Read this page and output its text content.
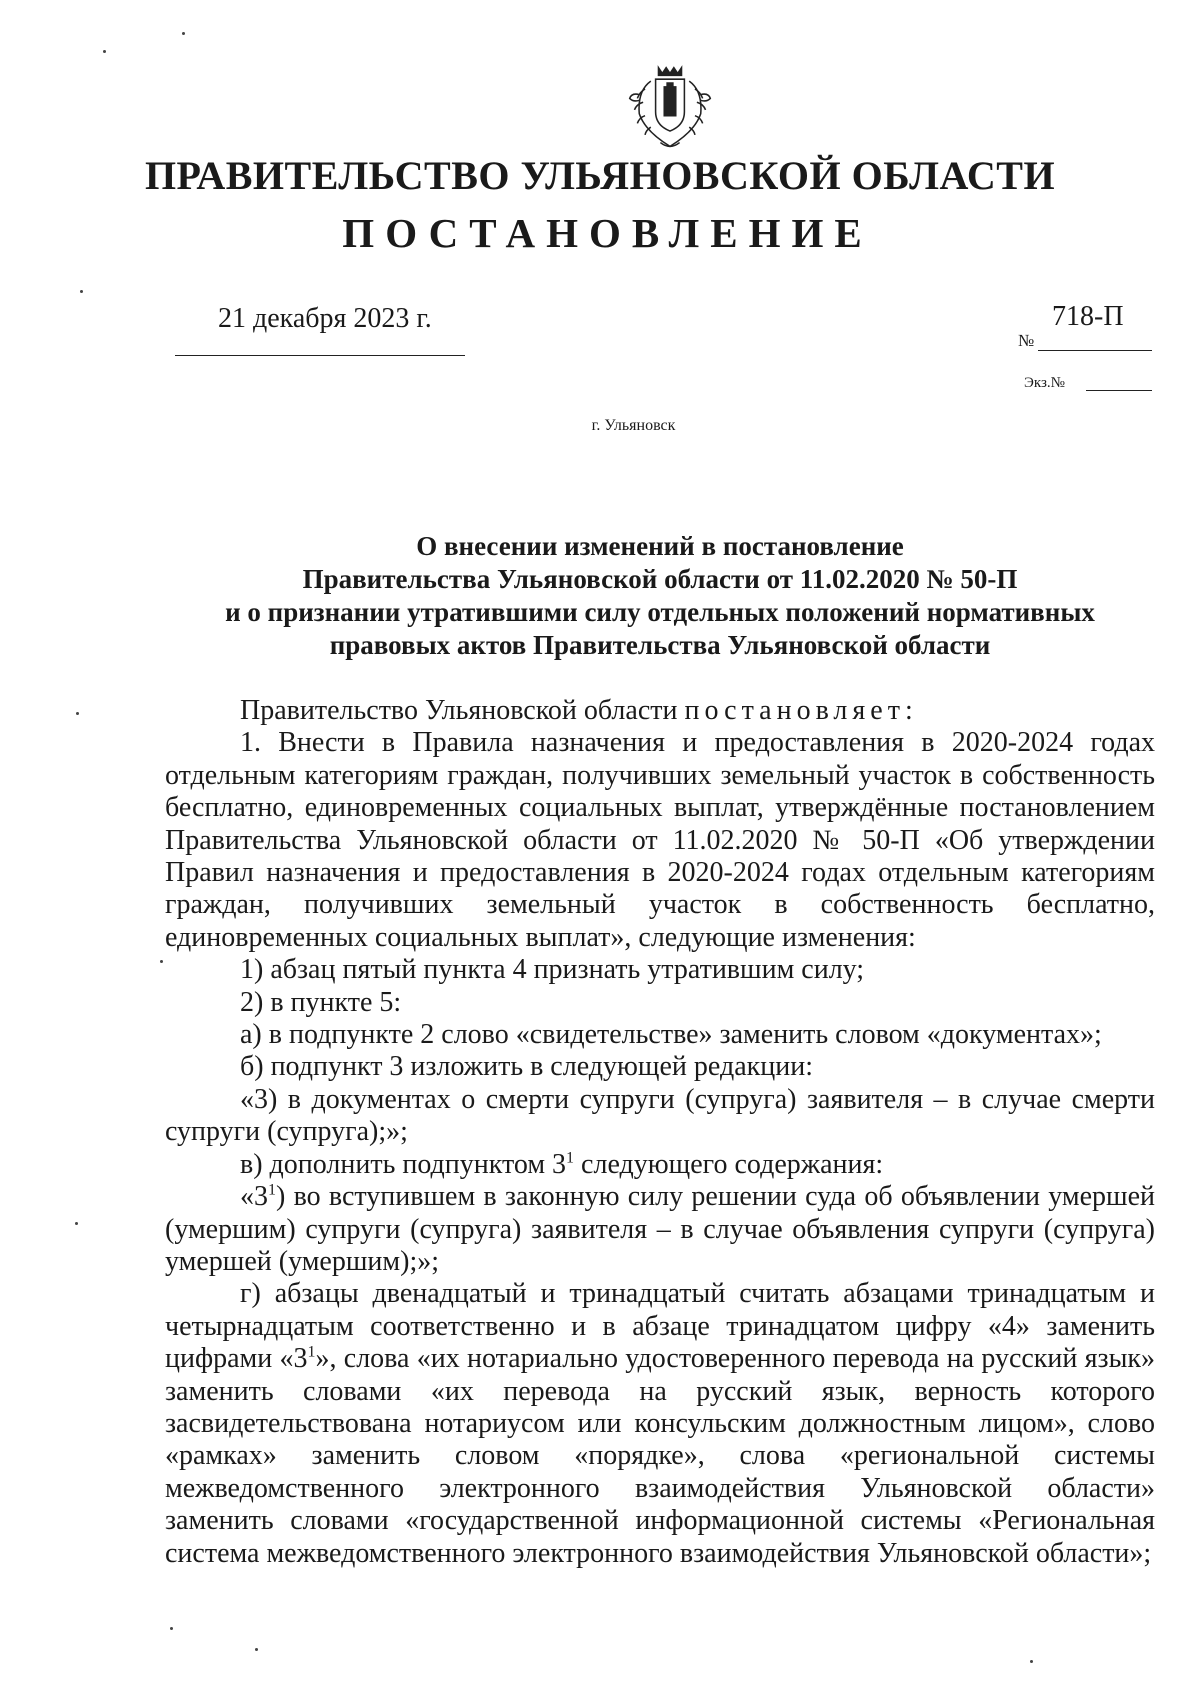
ПРАВИТЕЛЬСТВО УЛЬЯНОВСКОЙ ОБЛАСТИ
ПОСТАНОВЛЕНИЕ
21 декабря 2023 г.	718-П
№
Экз.№
г. Ульяновск
О внесении изменений в постановление
Правительства Ульяновской области от 11.02.2020 № 50-П
и о признании утратившими силу отдельных положений нормативных
правовых актов Правительства Ульяновской области

Правительство Ульяновской области постановляет:

1. Внести в Правила назначения и предоставления в 2020-2024 годах отдельным категориям граждан, получивших земельный участок в собственность бесплатно, единовременных социальных выплат, утверждённые постановлением Правительства Ульяновской области от 11.02.2020 № 50-П «Об утверждении Правил назначения и предоставления в 2020-2024 годах отдельным категориям граждан, получивших земельный участок в собственность бесплатно, единовременных социальных выплат», следующие изменения:

1) абзац пятый пункта 4 признать утратившим силу;

2) в пункте 5:

а) в подпункте 2 слово «свидетельстве» заменить словом «документах»;

б) подпункт 3 изложить в следующей редакции:

«3) в документах о смерти супруги (супруга) заявителя – в случае смерти супруги (супруга);»;

в) дополнить подпунктом $3^1$ следующего содержания:

«$3^1$) во вступившем в законную силу решении суда об объявлении умершей (умершим) супруги (супруга) заявителя – в случае объявления супруги (супруга) умершей (умершим);»;

г) абзацы двенадцатый и тринадцатый считать абзацами тринадцатым и четырнадцатым соответственно и в абзаце тринадцатом цифру «4» заменить цифрами «$3^1$», слова «их нотариально удостоверенного перевода на русский язык» заменить словами «их перевода на русский язык, верность которого засвидетельствована нотариусом или консульским должностным лицом», слово «рамках» заменить словом «порядке», слова «региональной системы межведомственного электронного взаимодействия Ульяновской области» заменить словами «государственной информационной системы «Региональная система межведомственного электронного взаимодействия Ульяновской области»;
